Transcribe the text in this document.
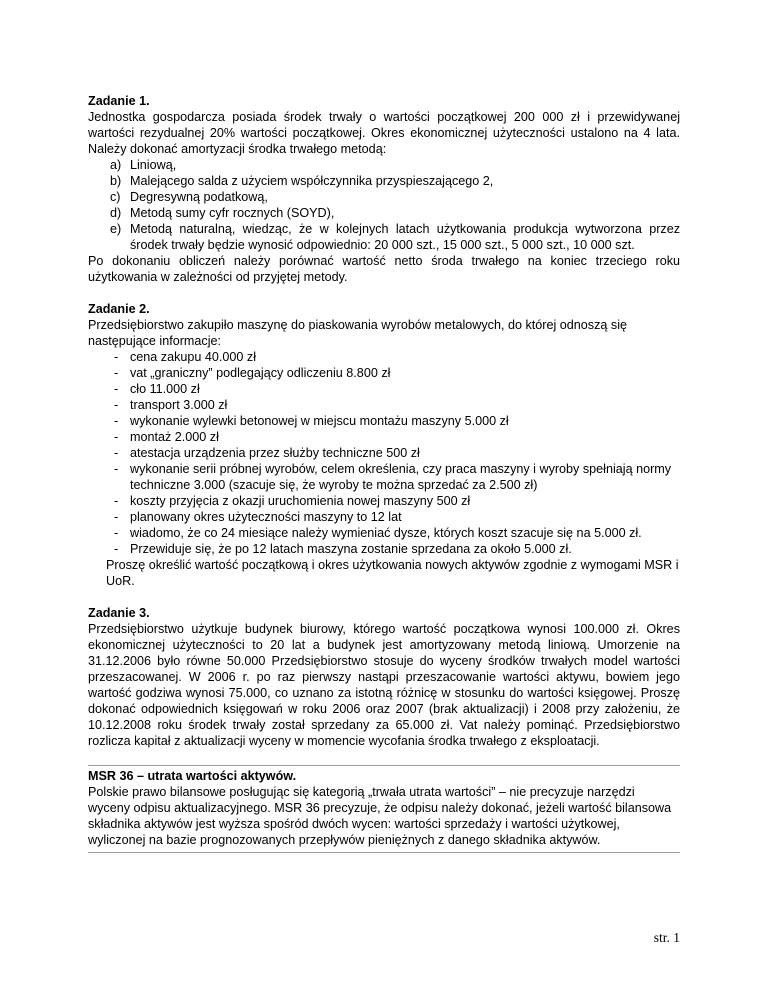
Zadanie 1.
Jednostka gospodarcza posiada środek trwały o wartości początkowej 200 000 zł i przewidywanej wartości rezydualnej 20% wartości początkowej. Okres ekonomicznej użyteczności ustalono na 4 lata. Należy dokonać amortyzacji środka trwałego metodą:
a) Liniową,
b) Malejącego salda z użyciem współczynnika przyspieszającego 2,
c) Degresywną podatkową,
d) Metodą sumy cyfr rocznych (SOYD),
e) Metodą naturalną, wiedząc, że w kolejnych latach użytkowania produkcja wytworzona przez środek trwały będzie wynosić odpowiednio: 20 000 szt., 15 000 szt., 5 000 szt., 10 000 szt.
Po dokonaniu obliczeń należy porównać wartość netto środa trwałego na koniec trzeciego roku użytkowania w zależności od przyjętej metody.
Zadanie 2.
Przedsiębiorstwo zakupiło maszynę do piaskowania wyrobów metalowych, do której odnoszą się następujące informacje:
- cena zakupu 40.000 zł
- vat „graniczny” podlegający odliczeniu 8.800 zł
- cło 11.000 zł
- transport 3.000 zł
- wykonanie wylewki betonowej w miejscu montażu maszyny 5.000 zł
- montaż 2.000 zł
- atestacja urządzenia przez służby techniczne 500 zł
- wykonanie serii próbnej wyrobów, celem określenia, czy praca maszyny i wyroby spełniają normy techniczne 3.000 (szacuje się, że wyroby te można sprzedać za 2.500 zł)
- koszty przyjęcia z okazji uruchomienia nowej maszyny 500 zł
- planowany okres użyteczności maszyny to 12 lat
- wiadomo, że co 24 miesiące należy wymieniać dysze, których koszt szacuje się na 5.000 zł.
- Przewiduje się, że po 12 latach maszyna zostanie sprzedana za około 5.000 zł.
Proszę określić wartość początkową i okres użytkowania nowych aktywów zgodnie z wymogami MSR i UoR.
Zadanie 3.
Przedsiębiorstwo użytkuje budynek biurowy, którego wartość początkowa wynosi 100.000 zł. Okres ekonomicznej użyteczności to 20 lat a budynek jest amortyzowany metodą liniową. Umorzenie na 31.12.2006 było równe 50.000 Przedsiębiorstwo stosuje do wyceny środków trwałych model wartości przeszacowanej. W 2006 r. po raz pierwszy nastąpi przeszacowanie wartości aktywu, bowiem jego wartość godziwa wynosi 75.000, co uznano za istotną różnicę w stosunku do wartości księgowej. Proszę dokonać odpowiednich księgowań w roku 2006 oraz 2007 (brak aktualizacji) i 2008 przy założeniu, że 10.12.2008 roku środek trwały został sprzedany za 65.000 zł. Vat należy pominąć. Przedsiębiorstwo rozlicza kapitał z aktualizacji wyceny w momencie wycofania środka trwałego z eksploatacji.
MSR 36 – utrata wartości aktywów.
Polskie prawo bilansowe posługując się kategorią „trwała utrata wartości” – nie precyzuje narzędzi wyceny odpisu aktualizacyjnego. MSR 36 precyzuje, że odpisu należy dokonać, jeżeli wartość bilansowa składnika aktywów jest wyższa spośród dwóch wycen: wartości sprzedaży i wartości użytkowej, wyliczonej na bazie prognozowanych przepływów pieniężnych z danego składnika aktywów.
str. 1
